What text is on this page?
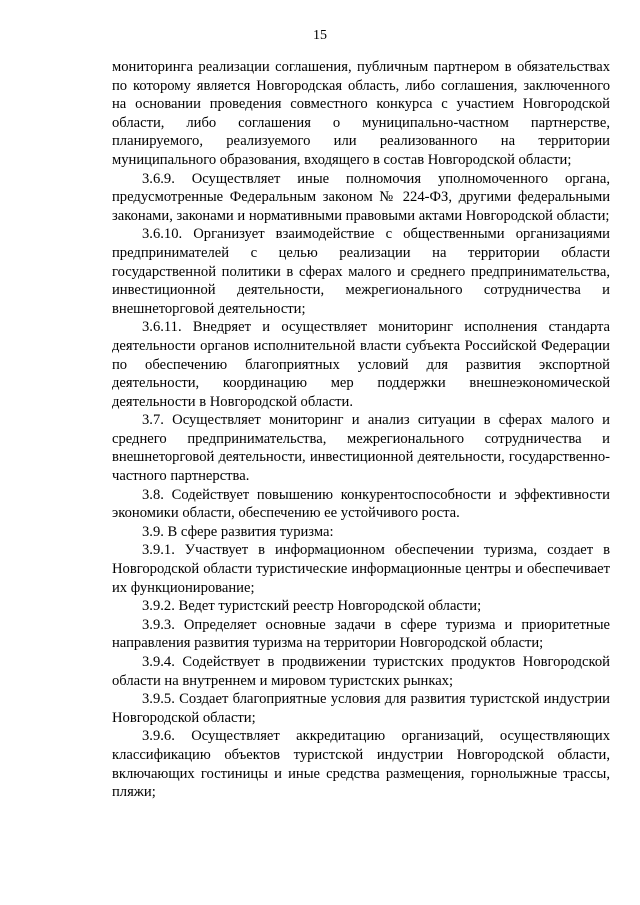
15

мониторинга реализации соглашения, публичным партнером в обязательствах по которому является Новгородская область, либо соглашения, заключенного на основании проведения совместного конкурса с участием Новгородской области, либо соглашения о муниципально-частном партнерстве, планируемого, реализуемого или реализованного на территории муниципального образования, входящего в состав Новгородской области;

3.6.9. Осуществляет иные полномочия уполномоченного органа, предусмотренные Федеральным законом № 224-ФЗ, другими федеральными законами, законами и нормативными правовыми актами Новгородской области;

3.6.10. Организует взаимодействие с общественными организациями предпринимателей с целью реализации на территории области государственной политики в сферах малого и среднего предпринимательства, инвестиционной деятельности, межрегионального сотрудничества и внешнеторговой деятельности;

3.6.11. Внедряет и осуществляет мониторинг исполнения стандарта деятельности органов исполнительной власти субъекта Российской Федерации по обеспечению благоприятных условий для развития экспортной деятельности, координацию мер поддержки внешнеэкономической деятельности в Новгородской области.

3.7. Осуществляет мониторинг и анализ ситуации в сферах малого и среднего предпринимательства, межрегионального сотрудничества и внешнеторговой деятельности, инвестиционной деятельности, государственно-частного партнерства.

3.8. Содействует повышению конкурентоспособности и эффективности экономики области, обеспечению ее устойчивого роста.

3.9. В сфере развития туризма:

3.9.1. Участвует в информационном обеспечении туризма, создает в Новгородской области туристические информационные центры и обеспечивает их функционирование;

3.9.2. Ведет туристский реестр Новгородской области;

3.9.3. Определяет основные задачи в сфере туризма и приоритетные направления развития туризма на территории Новгородской области;

3.9.4. Содействует в продвижении туристских продуктов Новгородской области на внутреннем и мировом туристских рынках;

3.9.5. Создает благоприятные условия для развития туристской индустрии Новгородской области;

3.9.6. Осуществляет аккредитацию организаций, осуществляющих классификацию объектов туристской индустрии Новгородской области, включающих гостиницы и иные средства размещения, горнолыжные трассы, пляжи;
